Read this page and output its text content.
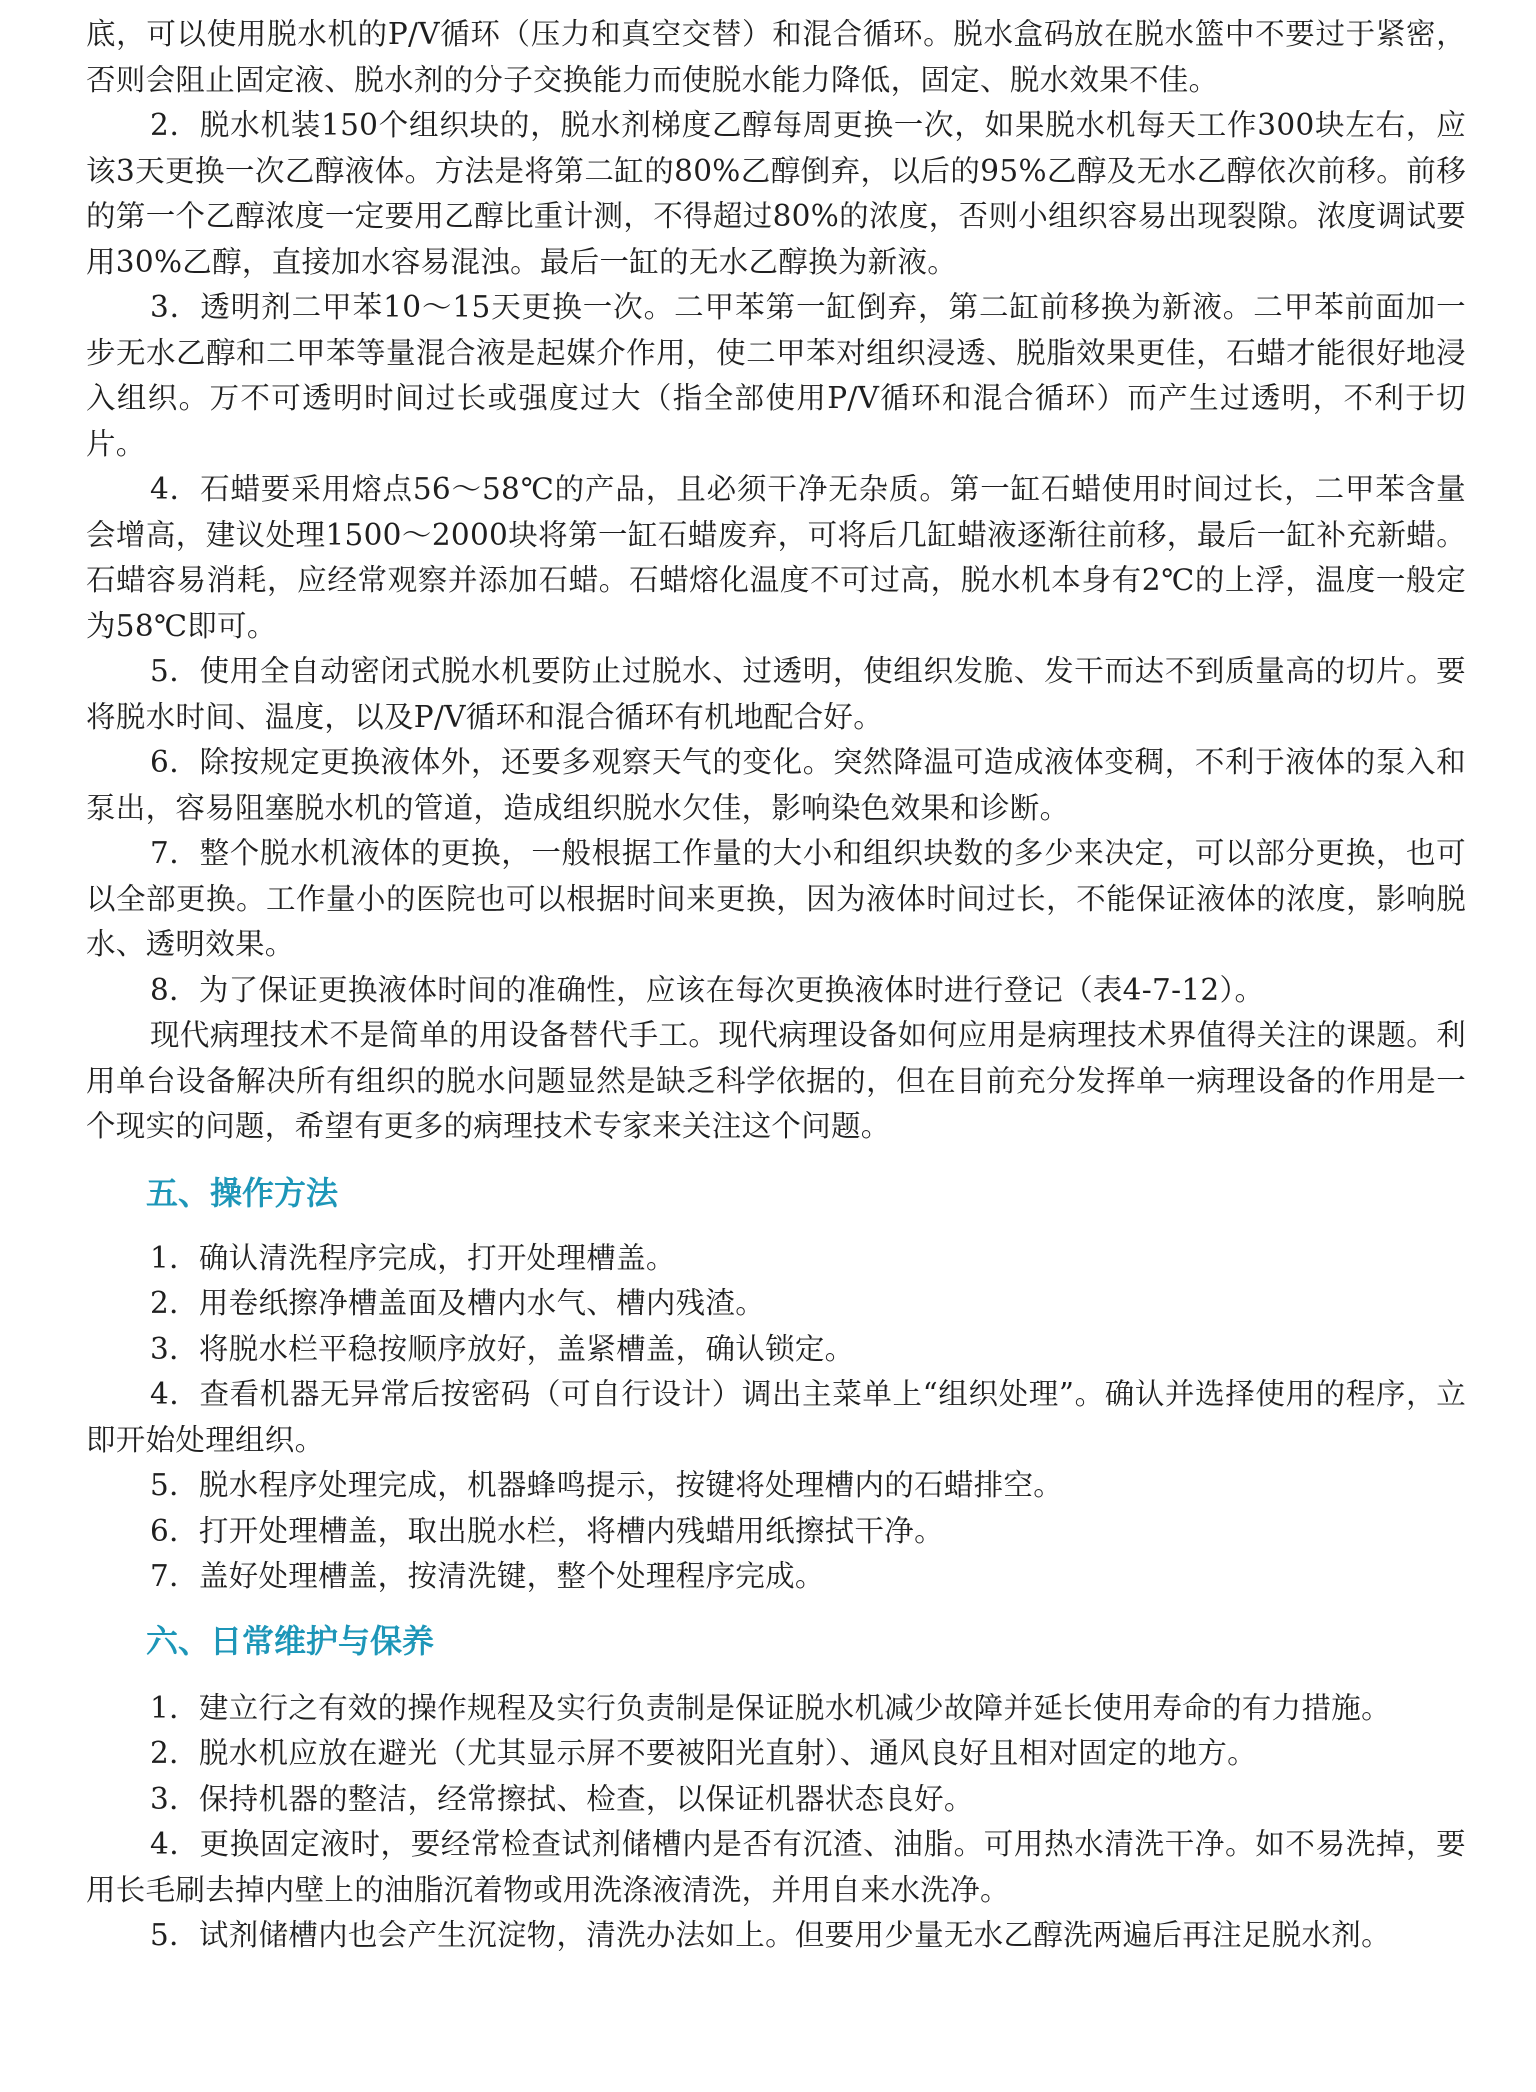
底，可以使用脱水机的P/V循环（压力和真空交替）和混合循环。脱水盒码放在脱水篮中不要过于紧密，否则会阻止固定液、脱水剂的分子交换能力而使脱水能力降低，固定、脱水效果不佳。

2．脱水机装150个组织块的，脱水剂梯度乙醇每周更换一次，如果脱水机每天工作300块左右，应该3天更换一次乙醇液体。方法是将第二缸的80%乙醇倒弃，以后的95%乙醇及无水乙醇依次前移。前移的第一个乙醇浓度一定要用乙醇比重计测，不得超过80%的浓度，否则小组织容易出现裂隙。浓度调试要用30%乙醇，直接加水容易混浊。最后一缸的无水乙醇换为新液。

3．透明剂二甲苯10～15天更换一次。二甲苯第一缸倒弃，第二缸前移换为新液。二甲苯前面加一步无水乙醇和二甲苯等量混合液是起媒介作用，使二甲苯对组织浸透、脱脂效果更佳，石蜡才能很好地浸入组织。万不可透明时间过长或强度过大（指全部使用P/V循环和混合循环）而产生过透明，不利于切片。

4．石蜡要采用熔点56～58℃的产品，且必须干净无杂质。第一缸石蜡使用时间过长，二甲苯含量会增高，建议处理1500～2000块将第一缸石蜡废弃，可将后几缸蜡液逐渐往前移，最后一缸补充新蜡。石蜡容易消耗，应经常观察并添加石蜡。石蜡熔化温度不可过高，脱水机本身有2℃的上浮，温度一般定为58℃即可。

5．使用全自动密闭式脱水机要防止过脱水、过透明，使组织发脆、发干而达不到质量高的切片。要将脱水时间、温度，以及P/V循环和混合循环有机地配合好。

6．除按规定更换液体外，还要多观察天气的变化。突然降温可造成液体变稠，不利于液体的泵入和泵出，容易阻塞脱水机的管道，造成组织脱水欠佳，影响染色效果和诊断。

7．整个脱水机液体的更换，一般根据工作量的大小和组织块数的多少来决定，可以部分更换，也可以全部更换。工作量小的医院也可以根据时间来更换，因为液体时间过长，不能保证液体的浓度，影响脱水、透明效果。

8．为了保证更换液体时间的准确性，应该在每次更换液体时进行登记（表4-7-12）。

现代病理技术不是简单的用设备替代手工。现代病理设备如何应用是病理技术界值得关注的课题。利用单台设备解决所有组织的脱水问题显然是缺乏科学依据的，但在目前充分发挥单一病理设备的作用是一个现实的问题，希望有更多的病理技术专家来关注这个问题。

五、操作方法

1．确认清洗程序完成，打开处理槽盖。

2．用卷纸擦净槽盖面及槽内水气、槽内残渣。

3．将脱水栏平稳按顺序放好，盖紧槽盖，确认锁定。

4．查看机器无异常后按密码（可自行设计）调出主菜单上“组织处理”。确认并选择使用的程序，立即开始处理组织。

5．脱水程序处理完成，机器蜂鸣提示，按键将处理槽内的石蜡排空。

6．打开处理槽盖，取出脱水栏，将槽内残蜡用纸擦拭干净。

7．盖好处理槽盖，按清洗键，整个处理程序完成。

六、日常维护与保养

1．建立行之有效的操作规程及实行负责制是保证脱水机减少故障并延长使用寿命的有力措施。

2．脱水机应放在避光（尤其显示屏不要被阳光直射）、通风良好且相对固定的地方。

3．保持机器的整洁，经常擦拭、检查，以保证机器状态良好。

4．更换固定液时，要经常检查试剂储槽内是否有沉渣、油脂。可用热水清洗干净。如不易洗掉，要用长毛刷去掉内壁上的油脂沉着物或用洗涤液清洗，并用自来水洗净。

5．试剂储槽内也会产生沉淀物，清洗办法如上。但要用少量无水乙醇洗两遍后再注足脱水剂。
